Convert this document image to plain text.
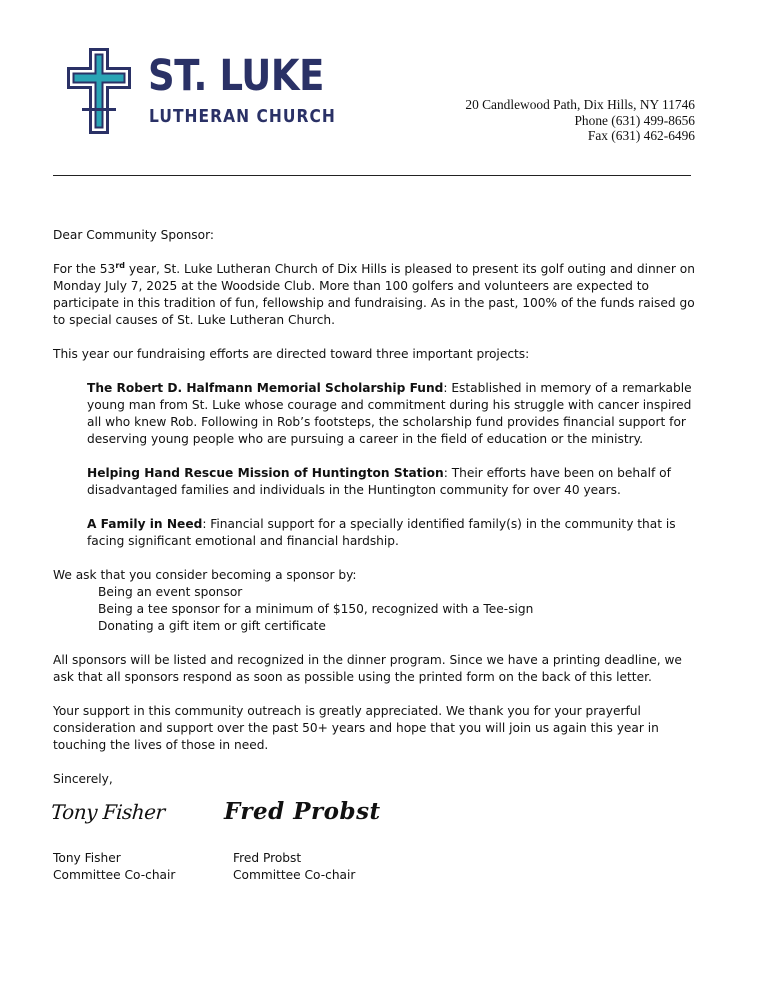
ST. LUKE
LUTHERAN CHURCH
20 Candlewood Path, Dix Hills, NY 11746
Phone (631) 499-8656
Fax (631) 462-6496

Dear Community Sponsor:

For the 53rd year, St. Luke Lutheran Church of Dix Hills is pleased to present its golf outing and dinner on Monday July 7, 2025 at the Woodside Club. More than 100 golfers and volunteers are expected to participate in this tradition of fun, fellowship and fundraising. As in the past, 100% of the funds raised go to special causes of St. Luke Lutheran Church.

This year our fundraising efforts are directed toward three important projects:

The Robert D. Halfmann Memorial Scholarship Fund: Established in memory of a remarkable young man from St. Luke whose courage and commitment during his struggle with cancer inspired all who knew Rob. Following in Rob’s footsteps, the scholarship fund provides financial support for deserving young people who are pursuing a career in the field of education or the ministry.

Helping Hand Rescue Mission of Huntington Station: Their efforts have been on behalf of disadvantaged families and individuals in the Huntington community for over 40 years.

A Family in Need: Financial support for a specially identified family(s) in the community that is facing significant emotional and financial hardship.

We ask that you consider becoming a sponsor by:

Being an event sponsor

Being a tee sponsor for a minimum of $150, recognized with a Tee-sign

Donating a gift item or gift certificate

All sponsors will be listed and recognized in the dinner program. Since we have a printing deadline, we ask that all sponsors respond as soon as possible using the printed form on the back of this letter.

Your support in this community outreach is greatly appreciated. We thank you for your prayerful consideration and support over the past 50+ years and hope that you will join us again this year in touching the lives of those in need.

Sincerely,

Tony Fisher	Fred Probst
Tony Fisher
Committee Co-chair
Fred Probst
Committee Co-chair
